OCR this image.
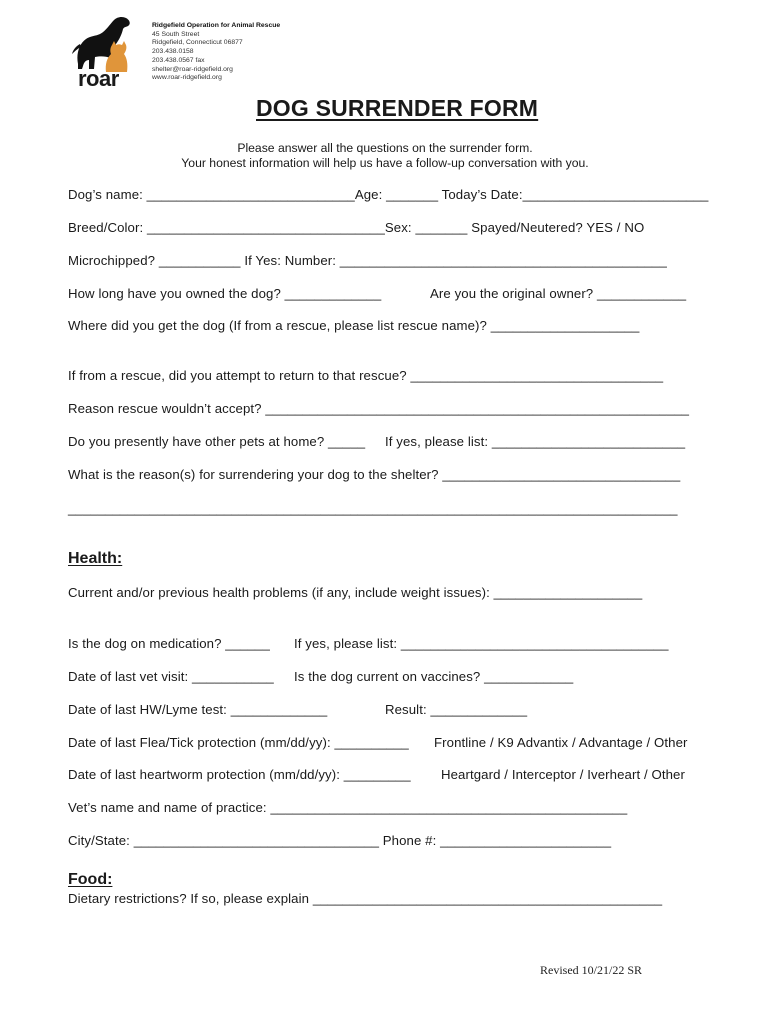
roar
Ridgefield Operation for Animal Rescue
45 South Street
Ridgefield, Connecticut 06877
203.438.0158
203.438.0567 fax
shelter@roar-ridgefield.org
www.roar-ridgefield.org
DOG SURRENDER FORM
Please answer all the questions on the surrender form.
Your honest information will help us have a follow-up conversation with you.
Dog’s name: ____________________________Age: _______ Today’s Date:_________________________
Breed/Color: ________________________________Sex: _______ Spayed/Neutered? YES / NO
Microchipped? ___________ If Yes: Number: ____________________________________________
How long have you owned the dog? _____________	Are you the original owner? ____________
Where did you get the dog (If from a rescue, please list rescue name)? ____________________
If from a rescue, did you attempt to return to that rescue? __________________________________
Reason rescue wouldn’t accept? _________________________________________________________
Do you presently have other pets at home? _____ If yes, please list: __________________________
What is the reason(s) for surrendering your dog to the shelter? ________________________________
__________________________________________________________________________________
Health:
Current and/or previous health problems (if any, include weight issues): ____________________
Is the dog on medication? ______ If yes, please list: ____________________________________
Date of last vet visit: ___________ Is the dog current on vaccines? ____________
Date of last HW/Lyme test: _____________	Result: _____________
Date of last Flea/Tick protection (mm/dd/yy): __________ Frontline / K9 Advantix / Advantage / Other
Date of last heartworm protection (mm/dd/yy): _________ Heartgard / Interceptor / Iverheart / Other
Vet’s name and name of practice: ________________________________________________
City/State: _________________________________ Phone #: _______________________
Food:
Dietary restrictions? If so, please explain _______________________________________________
Revised 10/21/22 SR
